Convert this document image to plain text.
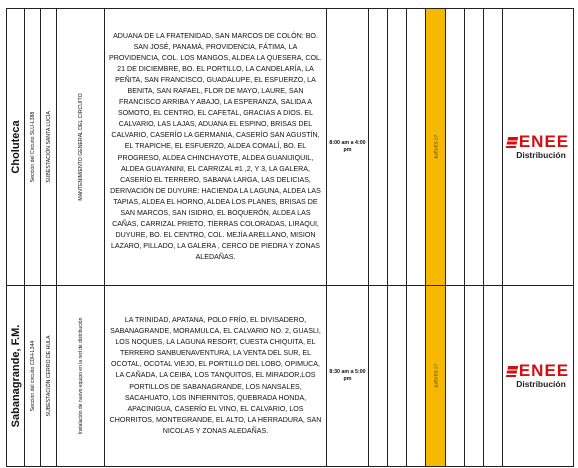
Choluteca	Sección del Circuito SLU-L388	SUBESTACIÓN SANTA LUCÍA	MANTENIMIENTO GENERAL DEL CIRCUITO	ADUANA DE LA FRATENIDAD, SAN MARCOS DE COLÓN: BO. SAN JOSÉ, PANAMÁ, PROVIDENCIA, FÁTIMA, LA PROVIDENCIA, COL. LOS MANGOS, ALDEA LA QUESERA, COL. 21 DE DICIEMBRE, BO. EL PORTILLO, LA CANDELARÍA, LA PEÑITA, SAN FRANCISCO, GUADALUPE, EL ESFUERZO, LA BENITA, SAN RAFAEL, FLOR DE MAYO, LAURE, SAN FRANCISCO ARRIBA Y ABAJO, LA ESPERANZA, SALIDA A SOMOTO, EL CENTRO, EL CAFETAL, GRACIAS A DIOS. EL CALVARIO, LAS LAJAS, ADUANA EL ESPINO, BRISAS DEL CALVARIO, CASERÍO LA GERMANIA, CASERÍO SAN AGUSTÍN, EL TRAPICHE, EL ESFUERZO, ALDEA COMALÍ, BO. EL PROGRESO, ALDEA CHINCHAYOTE, ALDEA GUANIJIQUIL, ALDEA GUAYANINI, EL CARRIZAL #1 ,2, Y 3, LA GALERA, CASERÍO EL TERRERO, SABANA LARGA, LAS DELICIAS, DERIVACIÓN DE DUYURE: HACIENDA LA LAGUNA, ALDEA LAS TAPIAS, ALDEA EL HORNO, ALDEA LOS PLANES, BRISAS DE SAN MARCOS, SAN ISIDRO, EL BOQUERÓN, ALDEA LAS CAÑAS, CARRIZAL PRIETO, TIERRAS COLORADAS, LIRAQUI, DUYURE, BO. EL CENTRO, COL. MEJÍA ARELLANO, MISION LAZARO, PILLADO, LA GALERA , CERCO DE PIEDRA Y ZONAS ALEDAÑAS.	8:00 am a 4:00 pm				JUEVES 27				ENEE
Distribución

Sabanagrande, F.M.	Sección del circuito CDH-L344	SUBESTACIÓN CERRO DE HULA	Instalación de nuevo equipo en la red de distribución	LA TRINIDAD, APATANA, POLO FRÍO, EL DIVISADERO, SABANAGRANDE, MORAMULCA, EL CALVARIO NO. 2, GUASLI, LOS NOQUES, LA LAGUNA RESORT, CUESTA CHIQUITA, EL TERRERO SANBUENAVENTURA, LA VENTA DEL SUR, EL OCOTAL, OCOTAL VIEJO, EL PORTILLO DEL LOBO, OPIMUCA, LA CAÑADA, LA CEIBA, LOS TANQUITOS, EL MIRADOR,LOS PORTILLOS DE SABANAGRANDE, LOS NANSALES, SACAHUATO, LOS INFIERNITOS, QUEBRADA HONDA, APACINIGUA, CASERÍO EL VINO, EL CALVARIO, LOS CHORRITOS, MONTEGRANDE, EL ALTO, LA HERRADURA, SAN NICOLAS Y ZONAS ALEDAÑAS.	8:30 am a 5:00 pm				JUEVES 27				ENEE
Distribución
